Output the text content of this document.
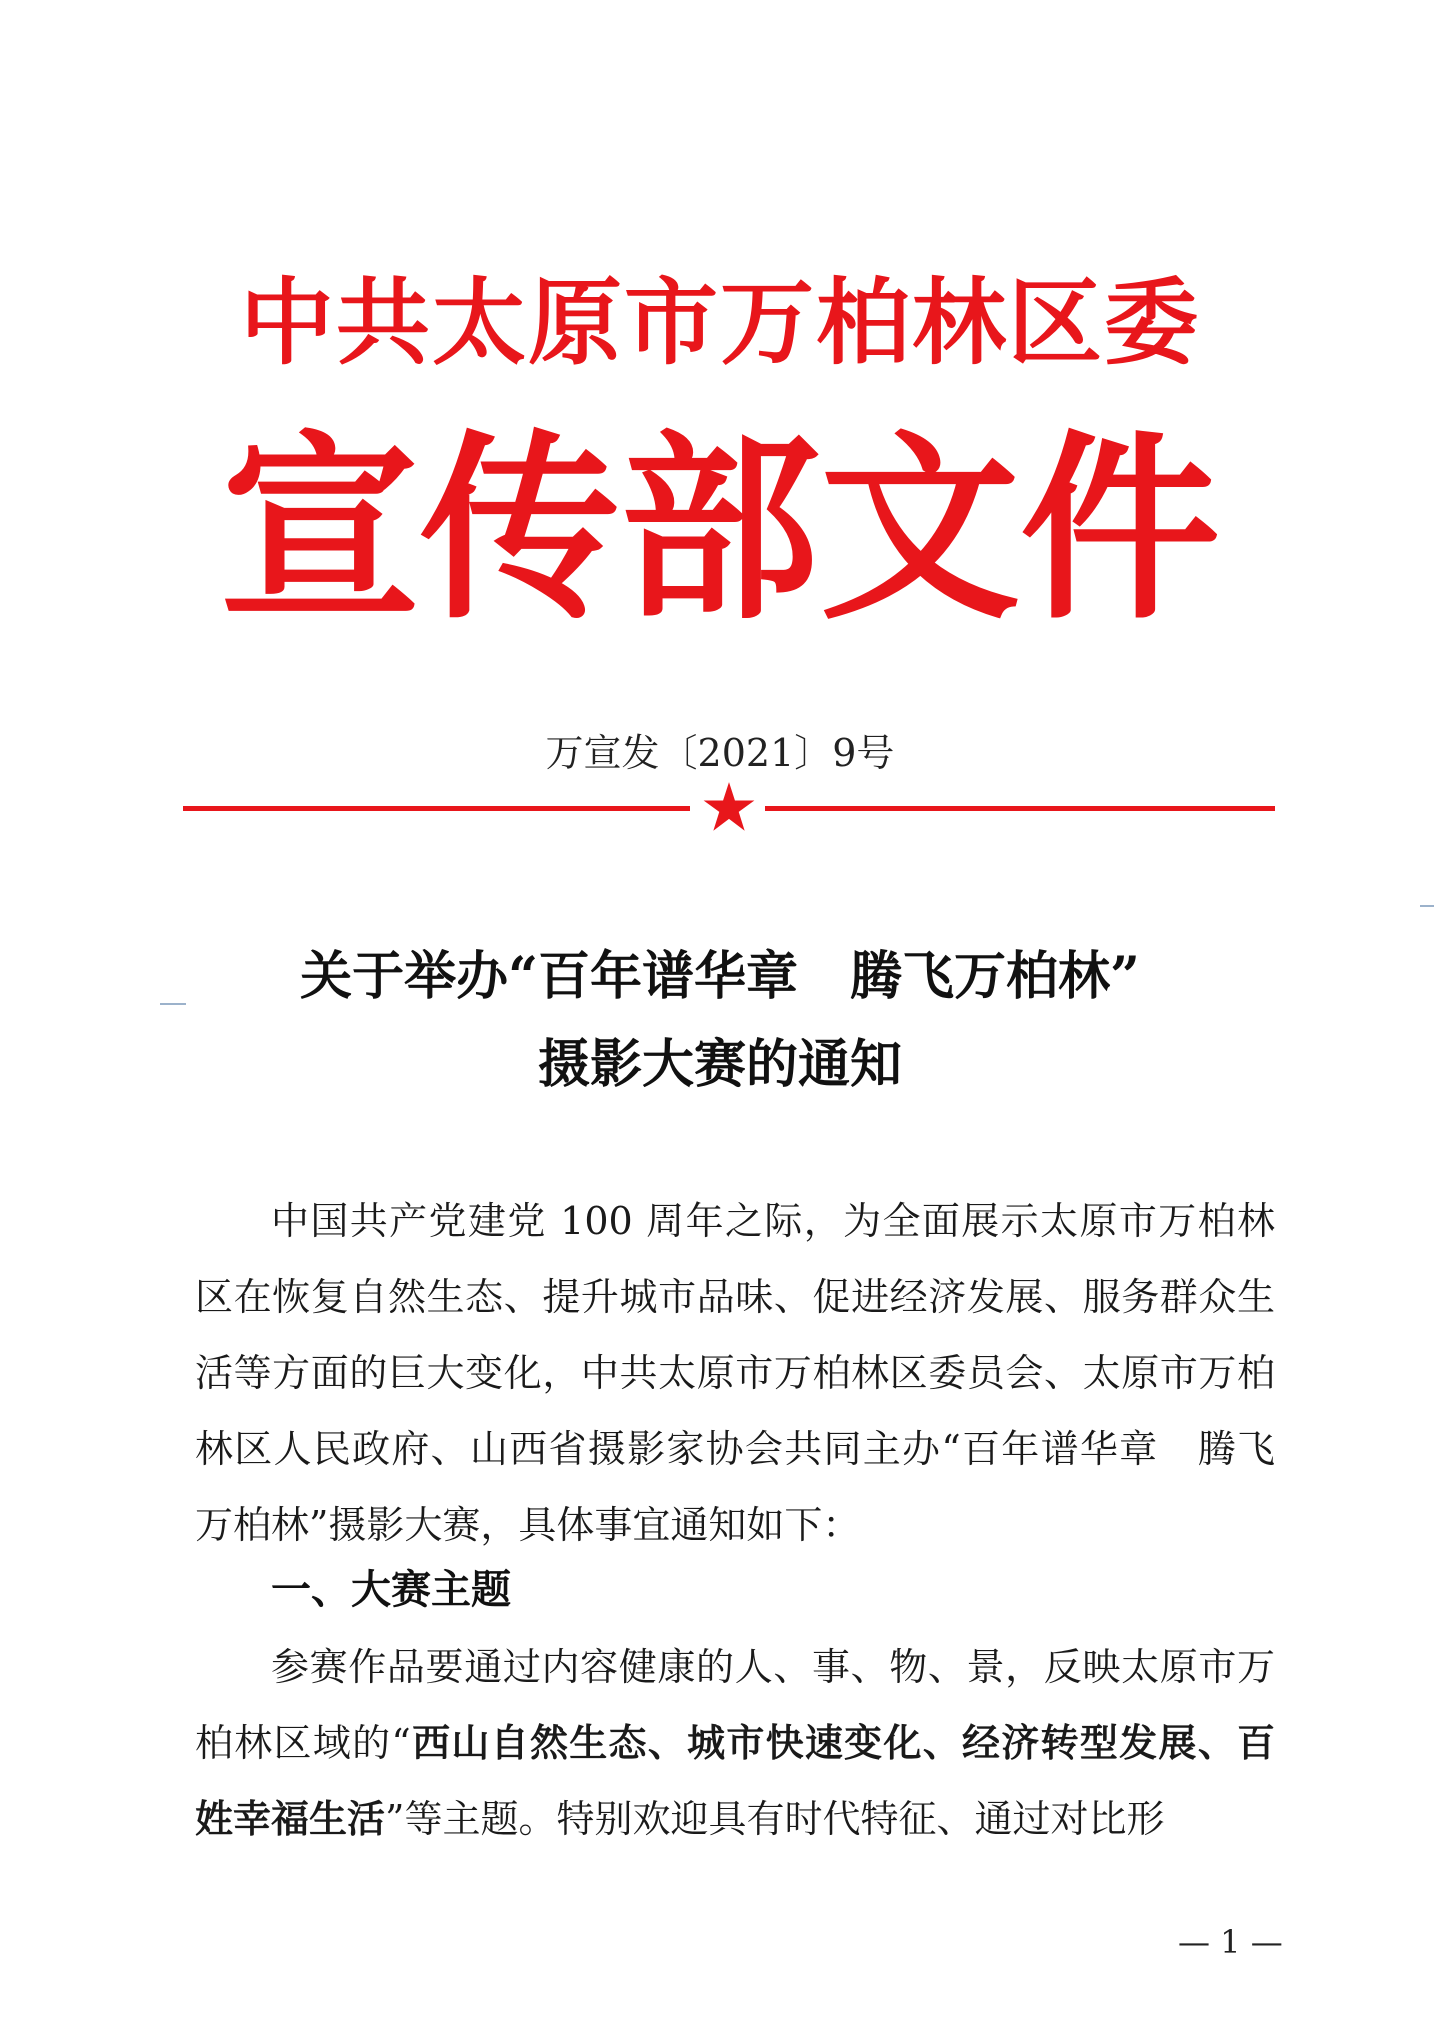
中共太原市万柏林区委
宣 传 部 文 件
万宣发〔2021〕9号
关于举办“百年谱华章　腾飞万柏林”
摄影大赛的通知
中国共产党建党 100 周年之际，为全面展示太原市万柏林区在恢复自然生态、提升城市品味、促进经济发展、服务群众生活等方面的巨大变化，中共太原市万柏林区委员会、太原市万柏林区人民政府、山西省摄影家协会共同主办“百年谱华章　腾飞万柏林”摄影大赛，具体事宜通知如下：
一、大赛主题
参赛作品要通过内容健康的人、事、物、景，反映太原市万柏林区域的“西山自然生态、城市快速变化、经济转型发展、百姓幸福生活”等主题。特别欢迎具有时代特征、通过对比形
— 1 —
